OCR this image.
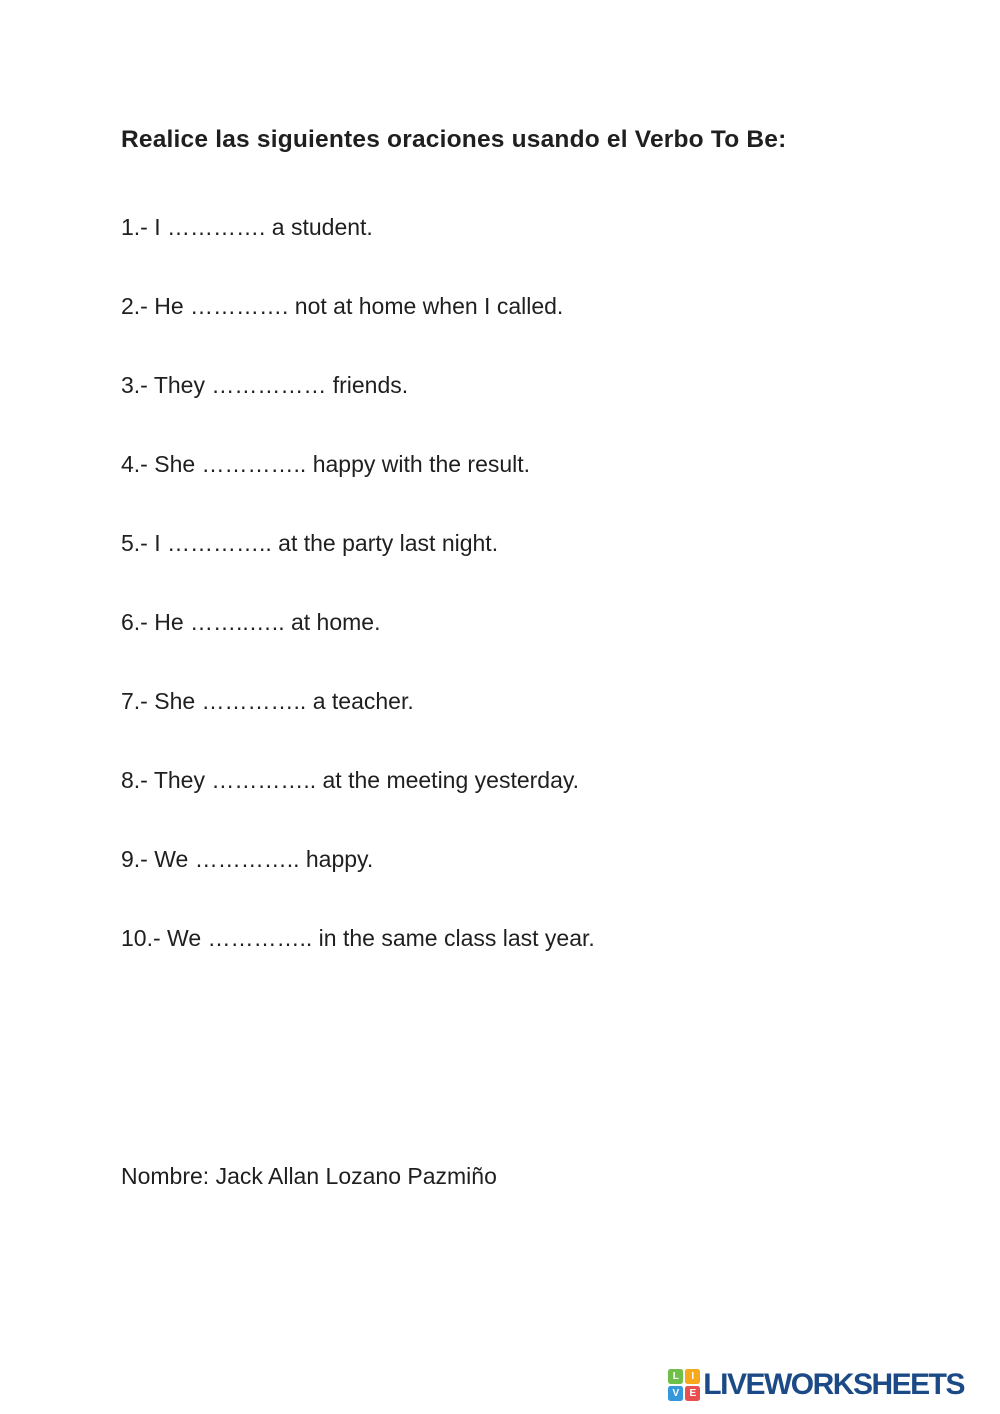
Realice las siguientes oraciones usando el Verbo To Be:

1.- I …………. a student.

2.- He …………. not at home when I called.

3.- They …………… friends.

4.- She ………….. happy with the result.

5.- I ………….. at the party last night.

6.- He ……..….. at home.

7.- She ………….. a teacher.

8.- They ………….. at the meeting yesterday.

9.- We ………….. happy.

10.- We ………….. in the same class last year.

Nombre: Jack Allan Lozano Pazmiño

L	I
V	E LIVEWORKSHEETS
